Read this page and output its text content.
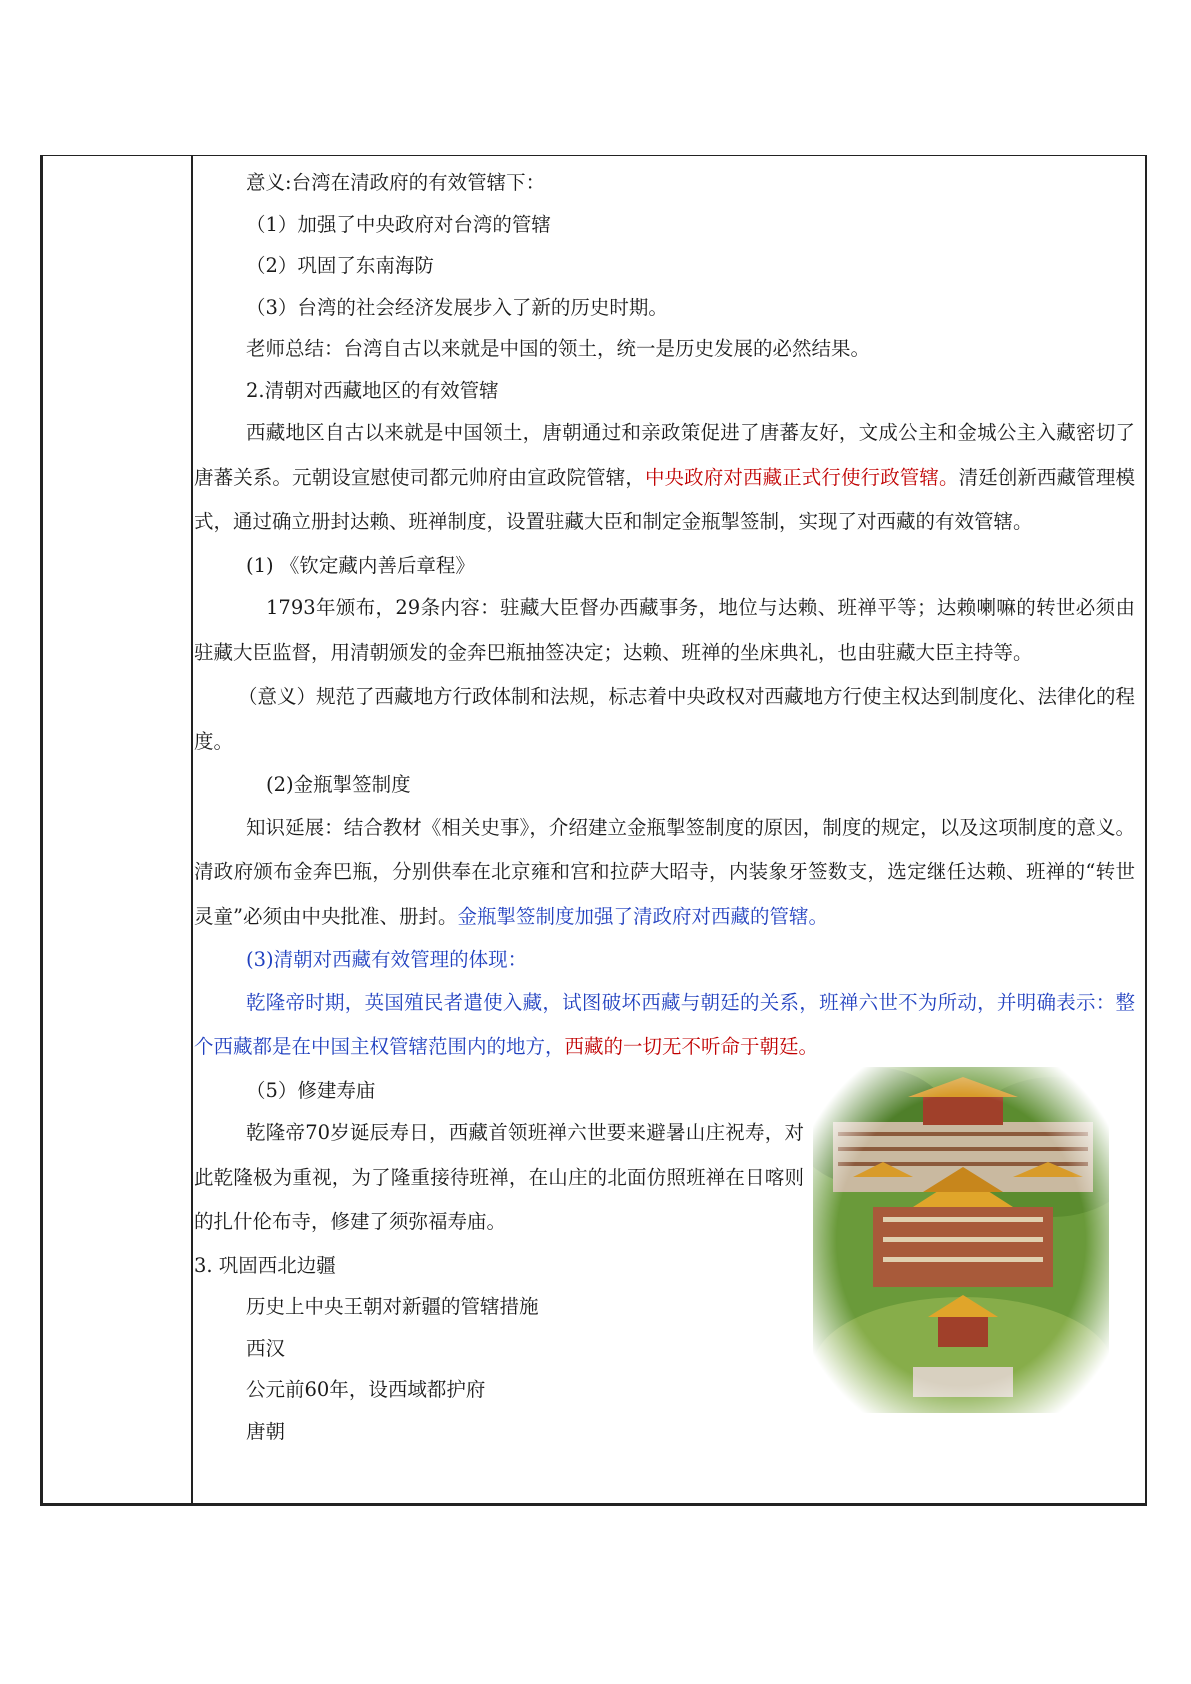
意义:台湾在清政府的有效管辖下：
（1）加强了中央政府对台湾的管辖
（2）巩固了东南海防
（3）台湾的社会经济发展步入了新的历史时期。
老师总结：台湾自古以来就是中国的领土，统一是历史发展的必然结果。
2.清朝对西藏地区的有效管辖
西藏地区自古以来就是中国领土，唐朝通过和亲政策促进了唐蕃友好，文成公主和金城公主入藏密切了唐蕃关系。元朝设宣慰使司都元帅府由宣政院管辖，中央政府对西藏正式行使行政管辖。清廷创新西藏管理模式，通过确立册封达赖、班禅制度，设置驻藏大臣和制定金瓶掣签制，实现了对西藏的有效管辖。
(1) 《钦定藏内善后章程》
1793年颁布，29条内容：驻藏大臣督办西藏事务，地位与达赖、班禅平等；达赖喇嘛的转世必须由驻藏大臣监督，用清朝颁发的金奔巴瓶抽签决定；达赖、班禅的坐床典礼，也由驻藏大臣主持等。
（意义）规范了西藏地方行政体制和法规，标志着中央政权对西藏地方行使主权达到制度化、法律化的程度。
(2)金瓶掣签制度
知识延展：结合教材《相关史事》，介绍建立金瓶掣签制度的原因，制度的规定，以及这项制度的意义。清政府颁布金奔巴瓶，分别供奉在北京雍和宫和拉萨大昭寺，内装象牙签数支，选定继任达赖、班禅的“转世灵童”必须由中央批准、册封。金瓶掣签制度加强了清政府对西藏的管辖。
(3)清朝对西藏有效管理的体现：
乾隆帝时期，英国殖民者遣使入藏，试图破坏西藏与朝廷的关系，班禅六世不为所动，并明确表示：整个西藏都是在中国主权管辖范围内的地方，西藏的一切无不听命于朝廷。
（5）修建寿庙
乾隆帝70岁诞辰寿日，西藏首领班禅六世要来避暑山庄祝寿，对此乾隆极为重视，为了隆重接待班禅，在山庄的北面仿照班禅在日喀则的扎什伦布寺，修建了须弥福寿庙。
3. 巩固西北边疆
历史上中央王朝对新疆的管辖措施
西汉
公元前60年，设西域都护府
唐朝
